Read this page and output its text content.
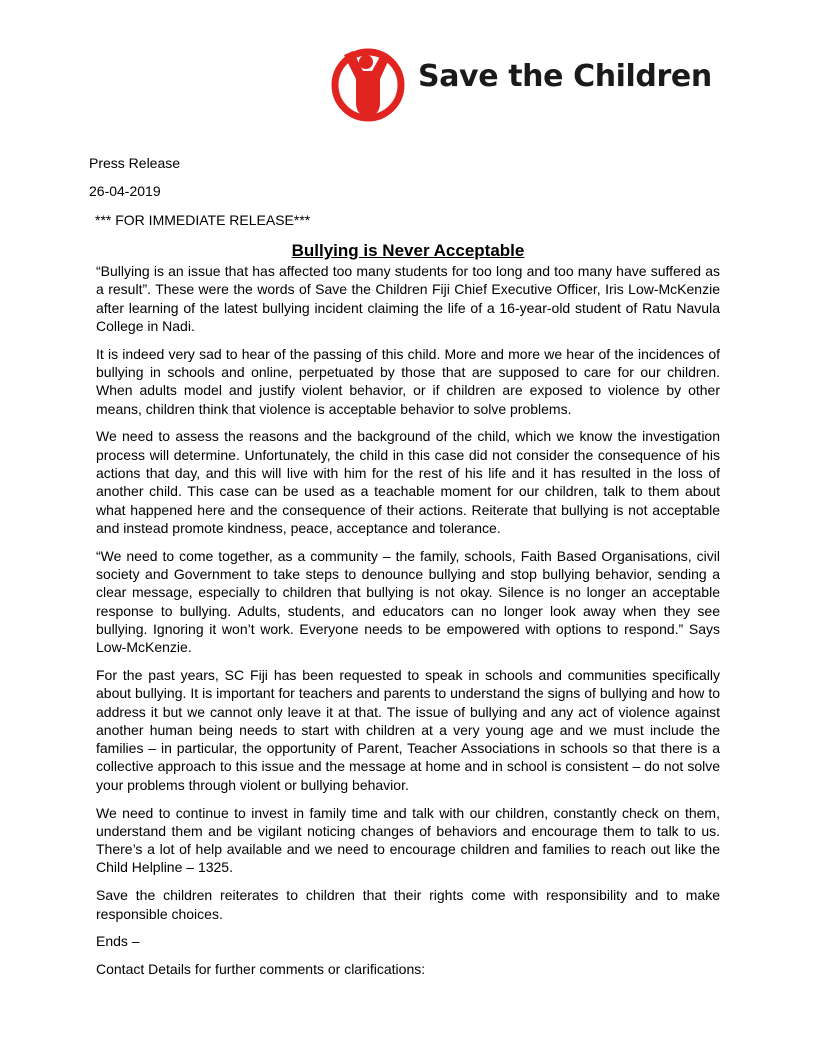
Save the Children
Press Release
26-04-2019
*** FOR IMMEDIATE RELEASE***
Bullying is Never Acceptable

“Bullying is an issue that has affected too many students for too long and too many have suffered as a result”. These were the words of Save the Children Fiji Chief Executive Officer, Iris Low-McKenzie after learning of the latest bullying incident claiming the life of a 16-year-old student of Ratu Navula College in Nadi.

It is indeed very sad to hear of the passing of this child. More and more we hear of the incidences of bullying in schools and online, perpetuated by those that are supposed to care for our children. When adults model and justify violent behavior, or if children are exposed to violence by other means, children think that violence is acceptable behavior to solve problems.

We need to assess the reasons and the background of the child, which we know the investigation process will determine. Unfortunately, the child in this case did not consider the consequence of his actions that day, and this will live with him for the rest of his life and it has resulted in the loss of another child. This case can be used as a teachable moment for our children, talk to them about what happened here and the consequence of their actions. Reiterate that bullying is not acceptable and instead promote kindness, peace, acceptance and tolerance.

“We need to come together, as a community – the family, schools, Faith Based Organisations, civil society and Government to take steps to denounce bullying and stop bullying behavior, sending a clear message, especially to children that bullying is not okay. Silence is no longer an acceptable response to bullying. Adults, students, and educators can no longer look away when they see bullying. Ignoring it won’t work. Everyone needs to be empowered with options to respond.” Says Low-McKenzie.

For the past years, SC Fiji has been requested to speak in schools and communities specifically about bullying. It is important for teachers and parents to understand the signs of bullying and how to address it but we cannot only leave it at that. The issue of bullying and any act of violence against another human being needs to start with children at a very young age and we must include the families – in particular, the opportunity of Parent, Teacher Associations in schools so that there is a collective approach to this issue and the message at home and in school is consistent – do not solve your problems through violent or bullying behavior.

We need to continue to invest in family time and talk with our children, constantly check on them, understand them and be vigilant noticing changes of behaviors and encourage them to talk to us. There’s a lot of help available and we need to encourage children and families to reach out like the Child Helpline – 1325.

Save the children reiterates to children that their rights come with responsibility and to make responsible choices.

Ends –

Contact Details for further comments or clarifications:
